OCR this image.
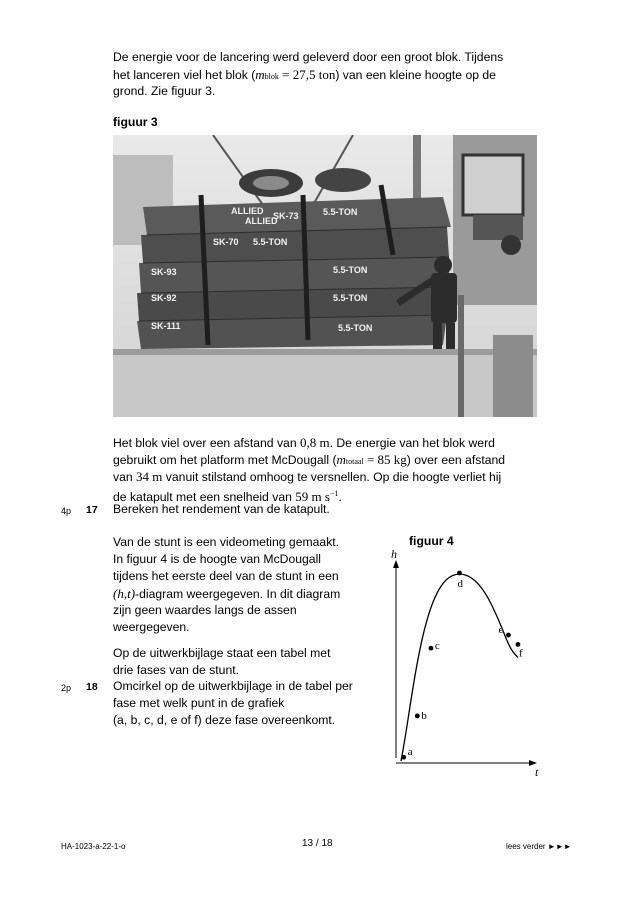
De energie voor de lancering werd geleverd door een groot blok. Tijdens
het lanceren viel het blok (mblok = 27,5 ton) van een kleine hoogte op de
grond. Zie figuur 3.
figuur 3
ALLIED
ALLIED
SK-73
SK-70
SK-93
SK-92
SK-111
5.5-TON
5.5-TON
5.5-TON
5.5-TON
5.5-TON
Het blok viel over een afstand van 0,8 m. De energie van het blok werd
gebruikt om het platform met McDougall (mtotaal = 85 kg) over een afstand
van 34 m vanuit stilstand omhoog te versnellen. Op die hoogte verliet hij
de katapult met een snelheid van 59 m $s^{-1}$.
4p 17 Bereken het rendement van de katapult.
Van de stunt is een videometing gemaakt.
In figuur 4 is de hoogte van McDougall
tijdens het eerste deel van de stunt in een
(h,t)-diagram weergegeven. In dit diagram
zijn geen waardes langs de assen
weergegeven.
Op de uitwerkbijlage staat een tabel met
drie fases van de stunt.
2p 18 Omcirkel op de uitwerkbijlage in de tabel per
fase met welk punt in de grafiek
(a, b, c, d, e of f) deze fase overeenkomt.
figuur 4
h
t
a
b
c
d
e
f
HA-1023-a-22-1-o	13 / 18	lees verder ►►►
